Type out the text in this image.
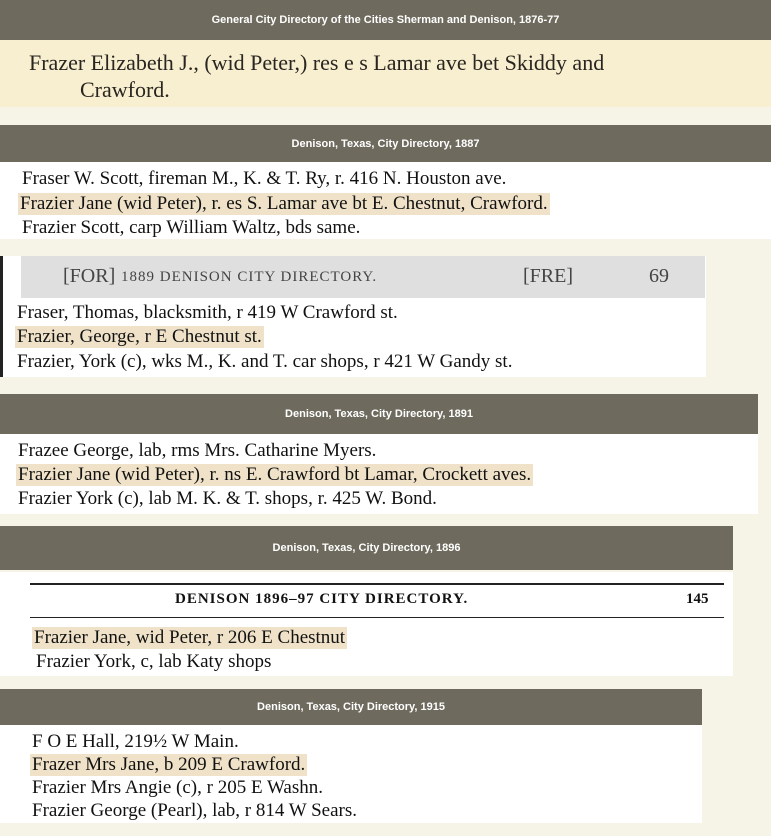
General City Directory of the Cities Sherman and Denison, 1876-77
Frazer Elizabeth J., (wid Peter,) res e s Lamar ave bet Skiddy and
Crawford.
Denison, Texas, City Directory, 1887
Fraser W. Scott, fireman M., K. & T. Ry, r. 416 N. Houston ave.
Frazier Jane (wid Peter), r. es S. Lamar ave bt E. Chestnut, Crawford.
Frazier Scott, carp William Waltz, bds same.
[FOR] 1889 DENISON CITY DIRECTORY.	[FRE]	69
Fraser, Thomas, blacksmith, r 419 W Crawford st.
Frazier, George, r E Chestnut st.
Frazier, York (c), wks M., K. and T. car shops, r 421 W Gandy st.
Denison, Texas, City Directory, 1891
Frazee George, lab, rms Mrs. Catharine Myers.
Frazier Jane (wid Peter), r. ns E. Crawford bt Lamar, Crockett aves.
Frazier York (c), lab M. K. & T. shops, r. 425 W. Bond.
Denison, Texas, City Directory, 1896
DENISON 1896–97 CITY DIRECTORY.	145
Frazier Jane, wid Peter, r 206 E Chestnut
Frazier York, c, lab Katy shops
Denison, Texas, City Directory, 1915
F O E Hall, 219½ W Main.
Frazer Mrs Jane, b 209 E Crawford.
Frazier Mrs Angie (c), r 205 E Washn.
Frazier George (Pearl), lab, r 814 W Sears.
